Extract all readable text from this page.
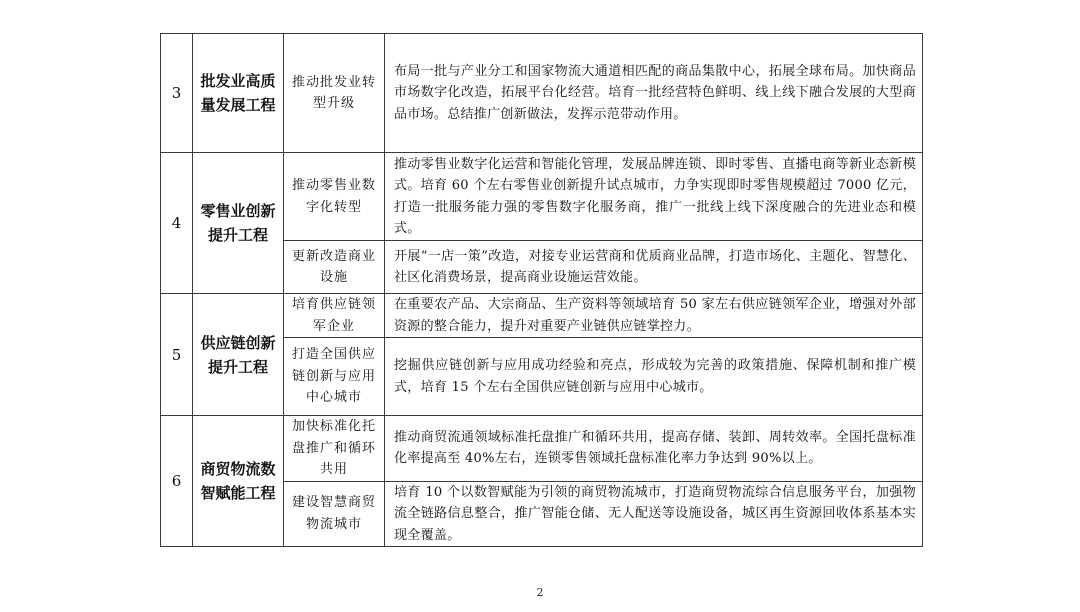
3	批发业高质量发展工程	推动批发业转型升级	布局一批与产业分工和国家物流大通道相匹配的商品集散中心，拓展全球布局。加快商品市场数字化改造，拓展平台化经营。培育一批经营特色鲜明、线上线下融合发展的大型商品市场。总结推广创新做法，发挥示范带动作用。

4	零售业创新提升工程	推动零售业数字化转型	推动零售业数字化运营和智能化管理，发展品牌连锁、即时零售、直播电商等新业态新模式。培育 60 个左右零售业创新提升试点城市，力争实现即时零售规模超过 7000 亿元，打造一批服务能力强的零售数字化服务商，推广一批线上线下深度融合的先进业态和模式。

		更新改造商业设施	开展“一店一策”改造，对接专业运营商和优质商业品牌，打造市场化、主题化、智慧化、社区化消费场景，提高商业设施运营效能。

5	供应链创新提升工程	培育供应链领军企业	在重要农产品、大宗商品、生产资料等领域培育 50 家左右供应链领军企业，增强对外部资源的整合能力，提升对重要产业链供应链掌控力。

		打造全国供应链创新与应用中心城市	挖掘供应链创新与应用成功经验和亮点，形成较为完善的政策措施、保障机制和推广模式，培育 15 个左右全国供应链创新与应用中心城市。

6	商贸物流数智赋能工程	加快标准化托盘推广和循环共用	推动商贸流通领域标准托盘推广和循环共用，提高存储、装卸、周转效率。全国托盘标准化率提高至 40%左右，连锁零售领域托盘标准化率力争达到 90%以上。

		建设智慧商贸物流城市	培育 10 个以数智赋能为引领的商贸物流城市，打造商贸物流综合信息服务平台，加强物流全链路信息整合，推广智能仓储、无人配送等设施设备，城区再生资源回收体系基本实现全覆盖。
2
